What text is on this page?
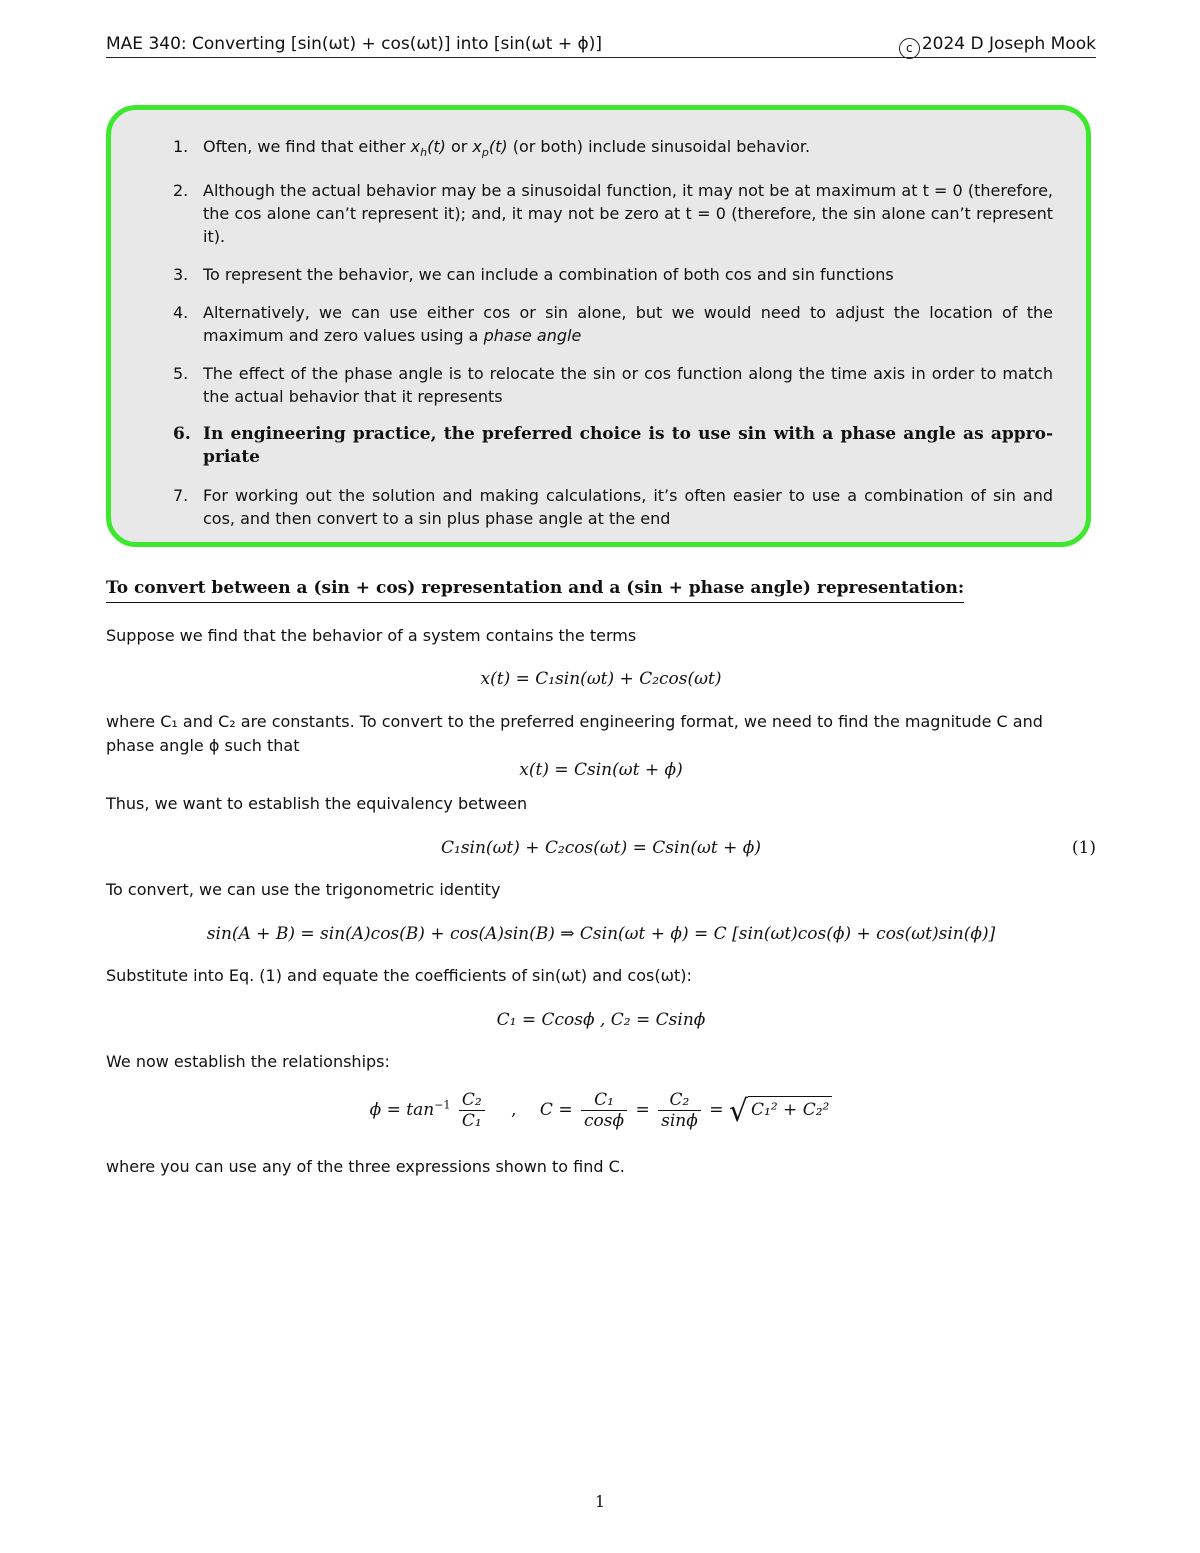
MAE 340: Converting [sin(ωt) + cos(ωt)] into [sin(ωt + ϕ)]	c 2024 D Joseph Mook
1. Often, we find that either $x_h(t)$ or $x_p(t)$ (or both) include sinusoidal behavior.
2. Although the actual behavior may be a sinusoidal function, it may not be at maximum at t = 0 (therefore, the cos alone can’t represent it); and, it may not be zero at t = 0 (therefore, the sin alone can’t represent it).
3. To represent the behavior, we can include a combination of both cos and sin functions
4. Alternatively, we can use either cos or sin alone, but we would need to adjust the location of the maximum and zero values using a phase angle
5. The effect of the phase angle is to relocate the sin or cos function along the time axis in order to match the actual behavior that it represents
6. In engineering practice, the preferred choice is to use sin with a phase angle as appro-priate
7. For working out the solution and making calculations, it’s often easier to use a combination of sin and cos, and then convert to a sin plus phase angle at the end
To convert between a (sin + cos) representation and a (sin + phase angle) representation:
Suppose we find that the behavior of a system contains the terms
x(t) = C₁sin(ωt) + C₂cos(ωt)
where C₁ and C₂ are constants. To convert to the preferred engineering format, we need to find the magnitude C and phase angle ϕ such that
x(t) = Csin(ωt + ϕ)
Thus, we want to establish the equivalency between
C₁sin(ωt) + C₂cos(ωt) = Csin(ωt + ϕ)	(1)
To convert, we can use the trigonometric identity
sin(A + B) = sin(A)cos(B) + cos(A)sin(B) ⇒ Csin(ωt + ϕ) = C [sin(ωt)cos(ϕ) + cos(ωt)sin(ϕ)]
Substitute into Eq. (1) and equate the coefficients of sin(ωt) and cos(ωt):
C₁ = Ccosϕ , C₂ = Csinϕ
We now establish the relationships:
$\phi = \tan^{-1} \frac{\text{C₂}}{\text{C₁}}$ , $C = \frac{\text{C₁}}{\cos\phi} = \frac{\text{C₂}}{\sin\phi}$ = √ C₁² + C₂²
where you can use any of the three expressions shown to find C.
1
